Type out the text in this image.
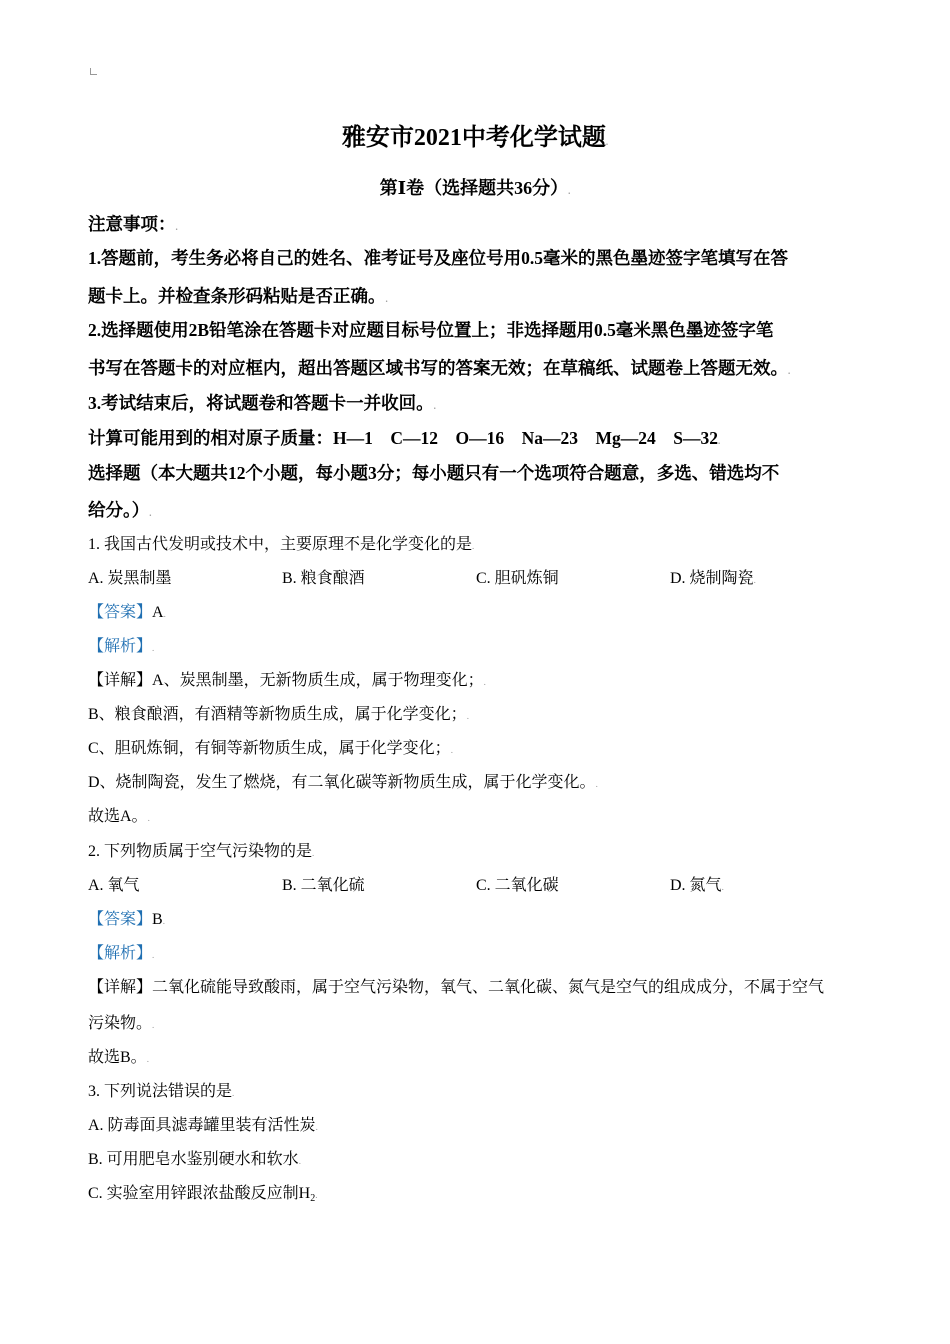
雅安市2021中考化学试题.
第Ⅰ卷（选择题共36分）.
注意事项：.
1.答题前，考生务必将自己的姓名、准考证号及座位号用0.5毫米的黑色墨迹签字笔填写在答
题卡上。并检查条形码粘贴是否正确。.
2.选择题使用2B铅笔涂在答题卡对应题目标号位置上；非选择题用0.5毫米黑色墨迹签字笔
书写在答题卡的对应框内，超出答题区域书写的答案无效；在草稿纸、试题卷上答题无效。.
3.考试结束后，将试题卷和答题卡一并收回。.
计算可能用到的相对原子质量：H—1    C—12    O—16    Na—23    Mg—24    S—32.
选择题（本大题共12个小题，每小题3分；每小题只有一个选项符合题意，多选、错选均不
给分。）.
1. 我国古代发明或技术中，主要原理不是化学变化的是.
A. 炭黑制墨	B. 粮食酿酒	C. 胆矾炼铜	D. 烧制陶瓷.
【答案】A.
【解析】.
【详解】A、炭黑制墨，无新物质生成，属于物理变化；.
B、粮食酿酒，有酒精等新物质生成，属于化学变化；.
C、胆矾炼铜，有铜等新物质生成，属于化学变化；.
D、烧制陶瓷，发生了燃烧，有二氧化碳等新物质生成，属于化学变化。.
故选A。.
2. 下列物质属于空气污染物的是.
A. 氧气	B. 二氧化硫	C. 二氧化碳	D. 氮气.
【答案】B.
【解析】.
【详解】二氧化硫能导致酸雨，属于空气污染物，氧气、二氧化碳、氮气是空气的组成成分，不属于空气
污染物。.
故选B。.
3. 下列说法错误的是.
A. 防毒面具滤毒罐里装有活性炭.
B. 可用肥皂水鉴别硬水和软水.
C. 实验室用锌跟浓盐酸反应制$H_2$.
